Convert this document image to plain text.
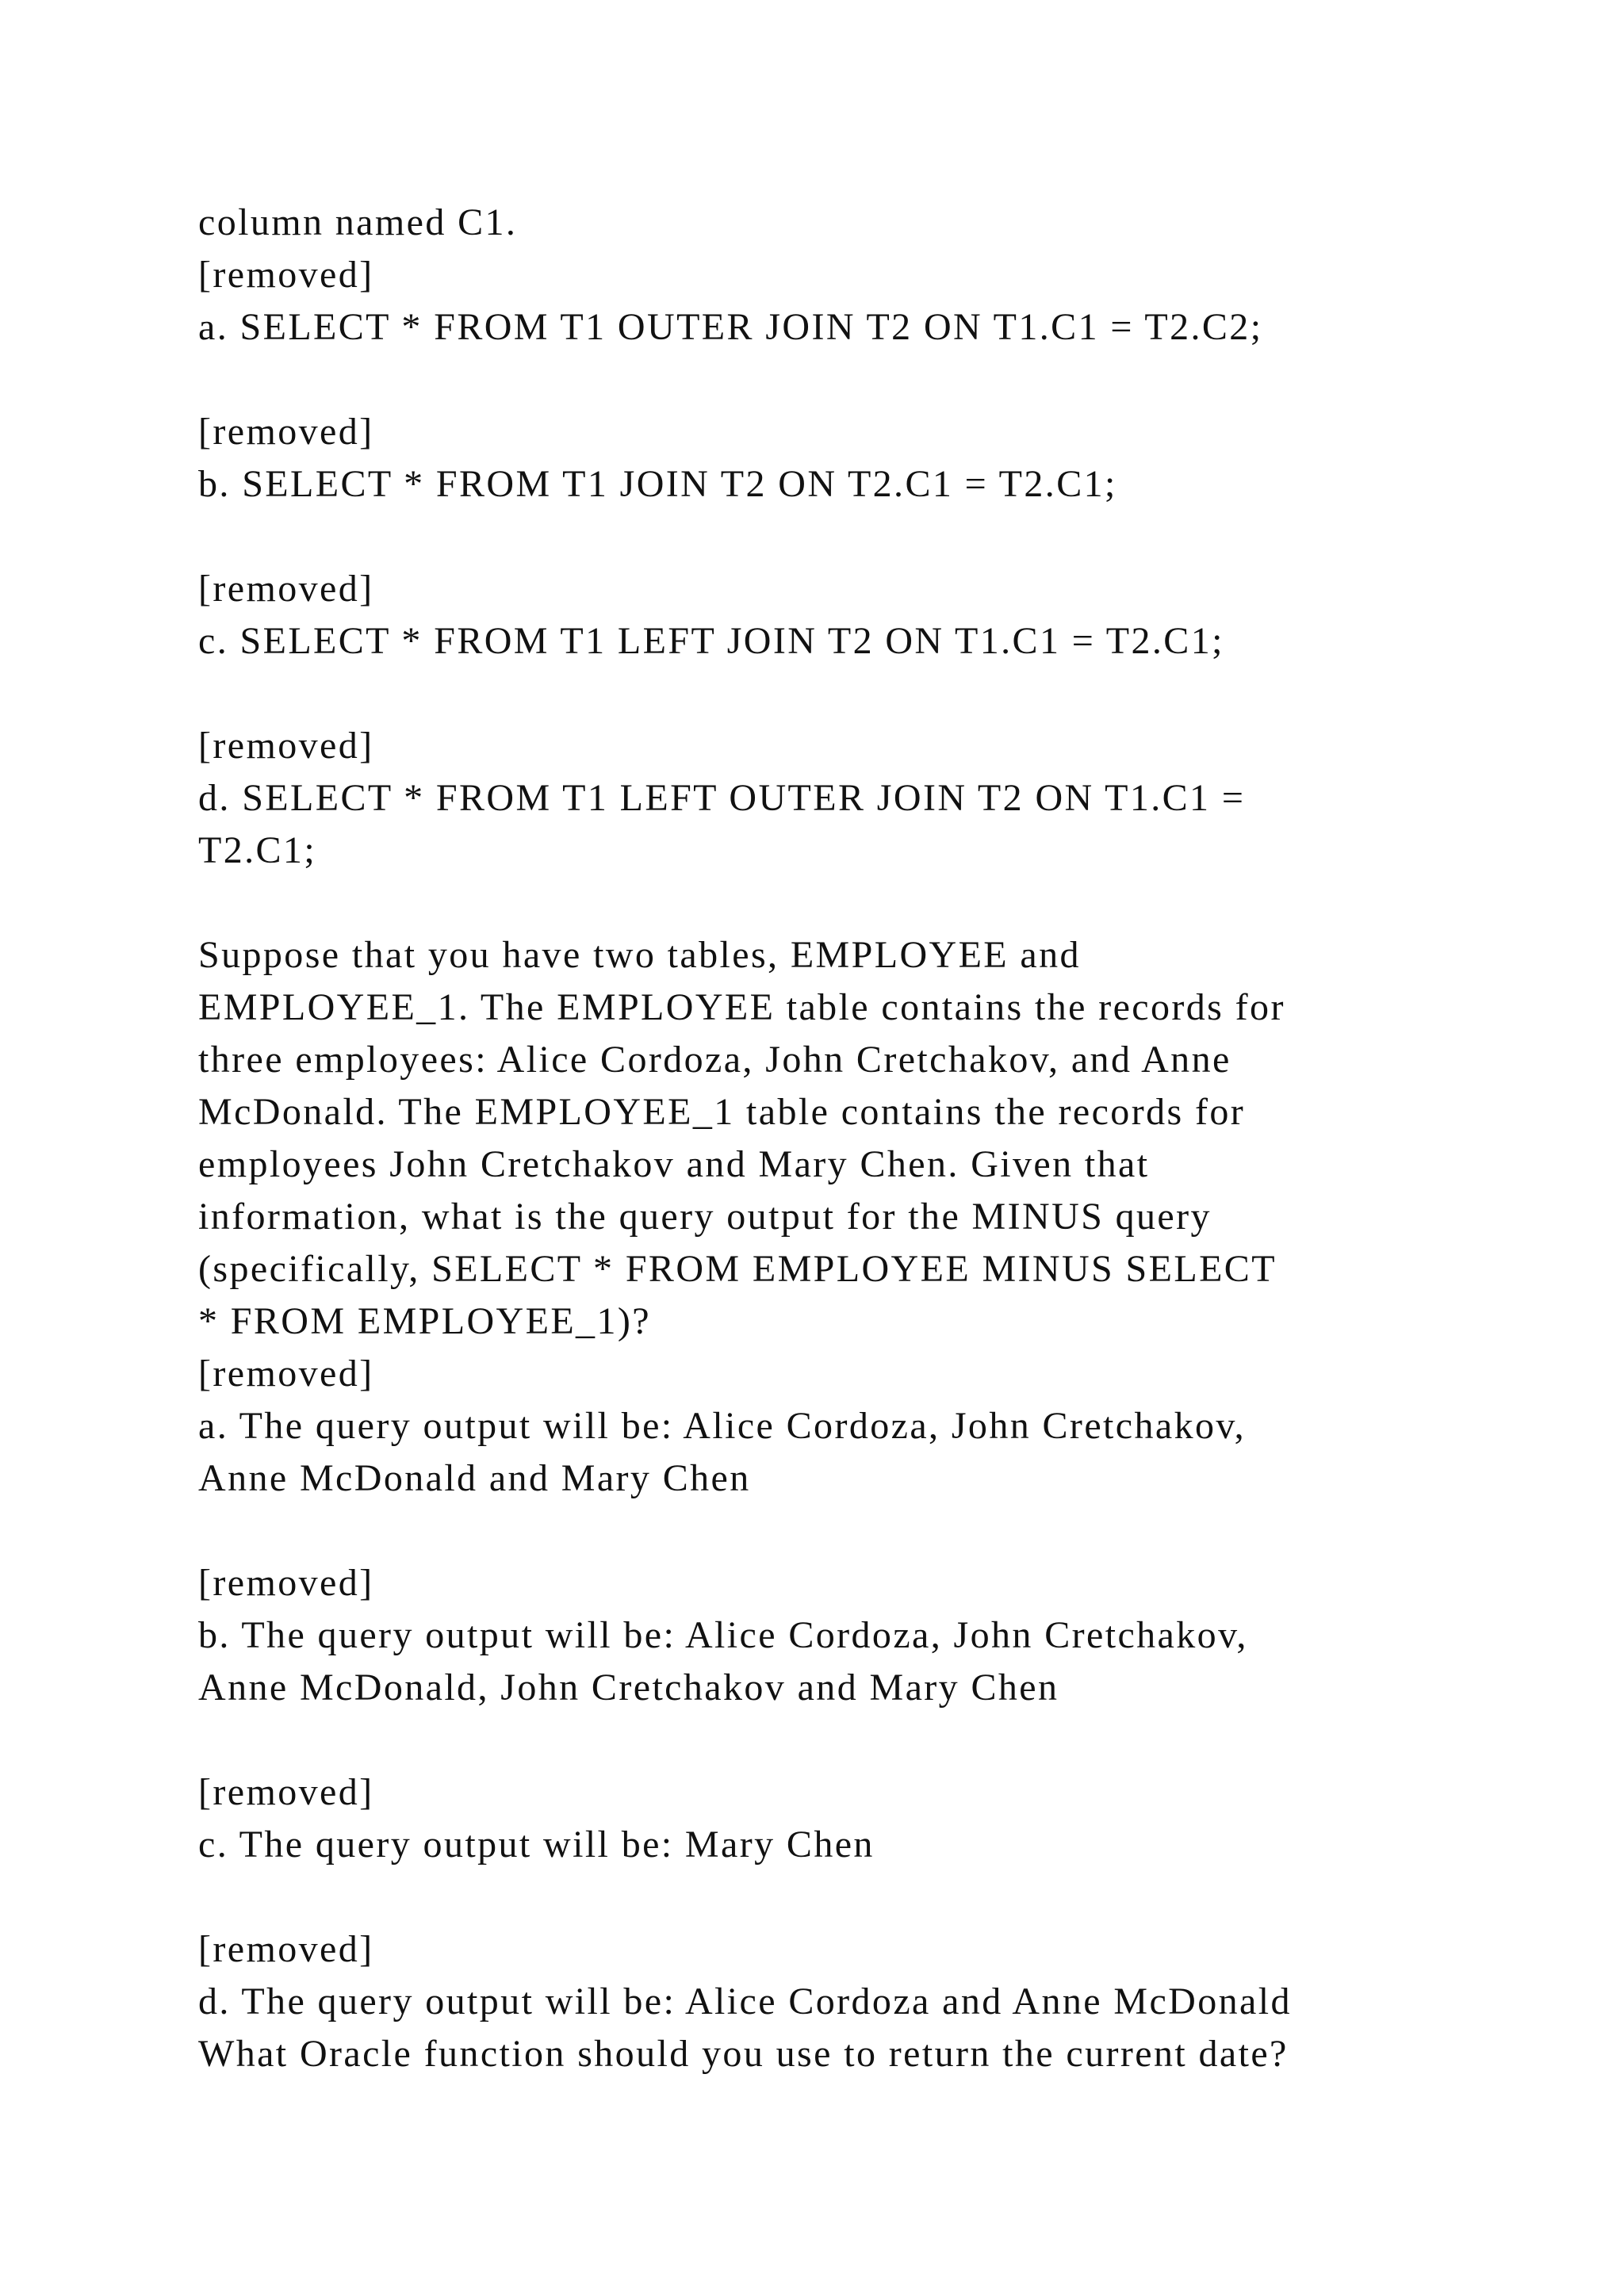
column named C1.
[removed]
a. SELECT * FROM T1 OUTER JOIN T2 ON T1.C1 = T2.C2;
[removed]
b. SELECT * FROM T1 JOIN T2 ON T2.C1 = T2.C1;
[removed]
c. SELECT * FROM T1 LEFT JOIN T2 ON T1.C1 = T2.C1;
[removed]
d. SELECT * FROM T1 LEFT OUTER JOIN T2 ON T1.C1 =
T2.C1;
Suppose that you have two tables, EMPLOYEE and
EMPLOYEE_1. The EMPLOYEE table contains the records for
three employees: Alice Cordoza, John Cretchakov, and Anne
McDonald. The EMPLOYEE_1 table contains the records for
employees John Cretchakov and Mary Chen. Given that
information, what is the query output for the MINUS query
(specifically, SELECT * FROM EMPLOYEE MINUS SELECT
* FROM EMPLOYEE_1)?
[removed]
a. The query output will be: Alice Cordoza, John Cretchakov,
Anne McDonald and Mary Chen
[removed]
b. The query output will be: Alice Cordoza, John Cretchakov,
Anne McDonald, John Cretchakov and Mary Chen
[removed]
c. The query output will be: Mary Chen
[removed]
d. The query output will be: Alice Cordoza and Anne McDonald
What Oracle function should you use to return the current date?
